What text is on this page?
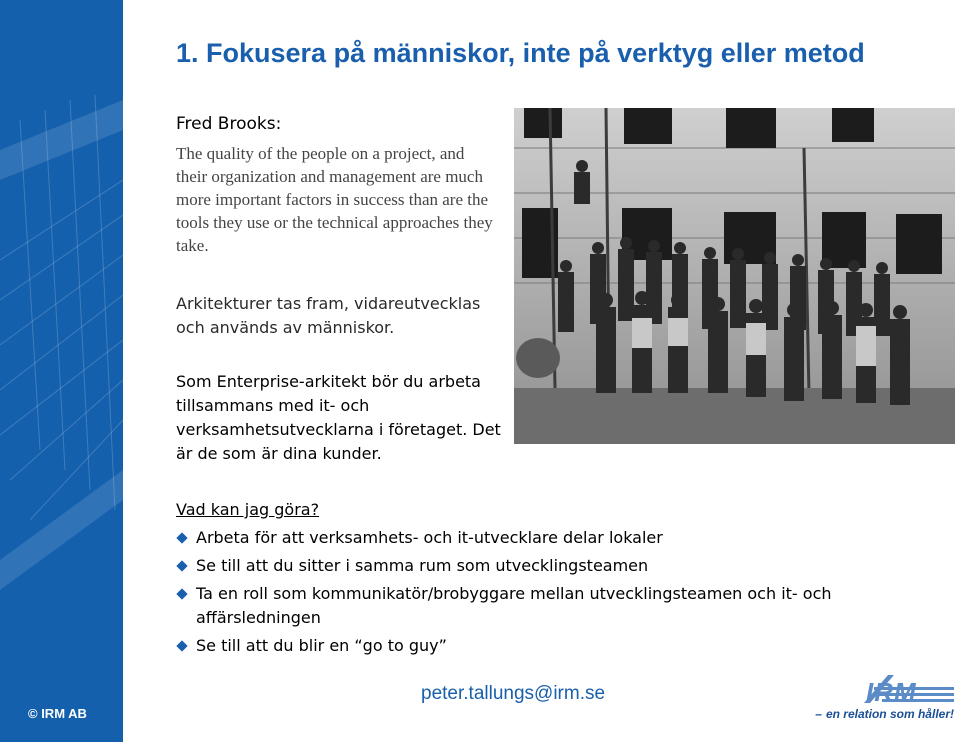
© IRM AB
1. Fokusera på människor, inte på verktyg eller metod
Fred Brooks:

The quality of the people on a project, and their organization and management are much more important factors in success than are the tools they use or the technical approaches they take.

Arkitekturer tas fram, vidareutvecklas och används av människor.

Som Enterprise-arkitekt bör du arbeta tillsammans med it- och verksamhetsutvecklarna i företaget. Det är de som är dina kunder.

Vad kan jag göra?
Arbeta för att verksamhets- och it-utvecklare delar lokaler
Se till att du sitter i samma rum som utvecklingsteamen
Ta en roll som kommunikatör/brobyggare mellan utvecklingsteamen och it- och affärsledningen
Se till att du blir en “go to guy”
peter.tallungs@irm.se	IRM
– en relation som håller!
